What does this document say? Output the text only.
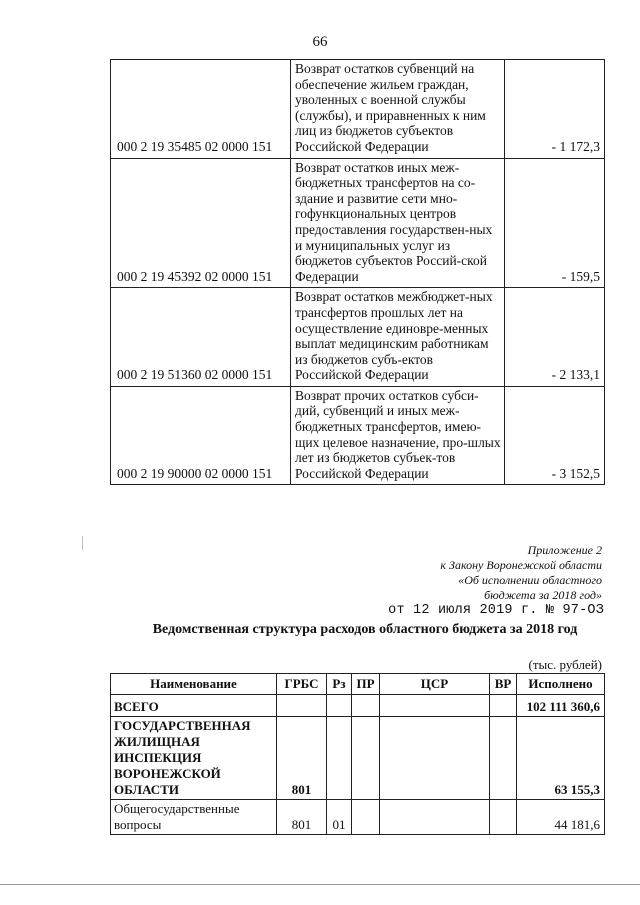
66
000 2 19 35485 02 0000 151	Возврат остатков субвенций на обеспечение жильем граждан, уволенных с военной службы (службы), и приравненных к ним лиц из бюджетов субъектов Российской Федерации	- 1 172,3
000 2 19 45392 02 0000 151	Возврат остатков иных меж-бюджетных трансфертов на со-здание и развитие сети мно-гофункциональных центров предоставления государствен-ных и муниципальных услуг из бюджетов субъектов Россий-ской Федерации	- 159,5
000 2 19 51360 02 0000 151	Возврат остатков межбюджет-ных трансфертов прошлых лет на осуществление единовре-менных выплат медицинским работникам из бюджетов субъ-ектов Российской Федерации	- 2 133,1
000 2 19 90000 02 0000 151	Возврат прочих остатков субси-дий, субвенций и иных меж-бюджетных трансфертов, имею-щих целевое назначение, про-шлых лет из бюджетов субъек-тов Российской Федерации	- 3 152,5
Приложение 2
к Закону Воронежской области
«Об исполнении областного
бюджета за 2018 год»
от 12 июля 2019 г. № 97-ОЗ
Ведомственная структура расходов областного бюджета за 2018 год
(тыс. рублей)
Наименование	ГРБС	Рз	ПР	ЦСР	ВР	Исполнено
ВСЕГО						102 111 360,6
ГОСУДАРСТВЕННАЯ ЖИЛИЩНАЯ ИНСПЕКЦИЯ ВОРОНЕЖСКОЙ ОБЛАСТИ	801					63 155,3
Общегосударственные вопросы	801	01				44 181,6
